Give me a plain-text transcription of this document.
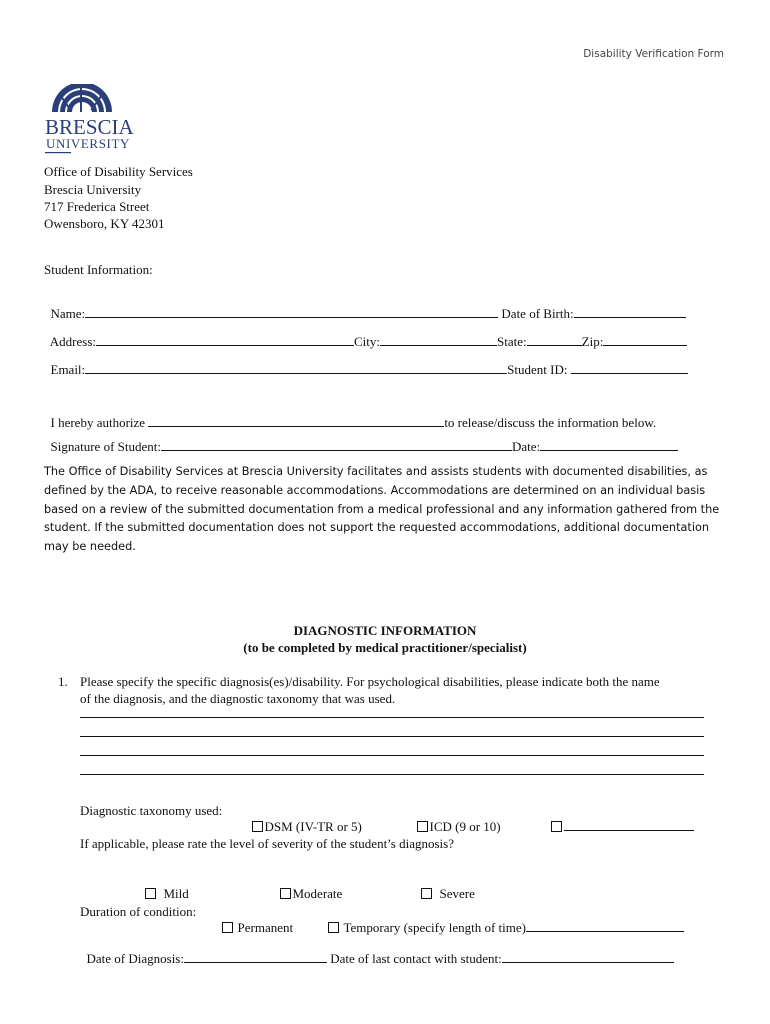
Disability Verification Form
BRESCIA
UNIVERSITY
Office of Disability Services
Brescia University
717 Frederica Street
Owensboro, KY 42301
Student Information:

Name:	Date of Birth:

Address:	City:	State:	Zip:

Email:	Student ID:

I hereby authorize	to release/discuss the information below.

Signature of Student:	Date:

The Office of Disability Services at Brescia University facilitates and assists students with documented disabilities, as defined by the ADA, to receive reasonable accommodations. Accommodations are determined on an individual basis based on a review of the submitted documentation from a medical professional and any information gathered from the student. If the submitted documentation does not support the requested accommodations, additional documentation may be needed.
DIAGNOSTIC INFORMATION
(to be completed by medical practitioner/specialist)
1. Please specify the specific diagnosis(es)/disability. For psychological disabilities, please indicate both the name
of the diagnosis, and the diagnostic taxonomy that was used.
Diagnostic taxonomy used:

DSM (IV-TR or 5)	ICD (9 or 10)

If applicable, please rate the level of severity of the student’s diagnosis?

Mild	Moderate	Severe

Duration of condition:

Permanent	Temporary (specify length of time)

Date of Diagnosis:	Date of last contact with student:
